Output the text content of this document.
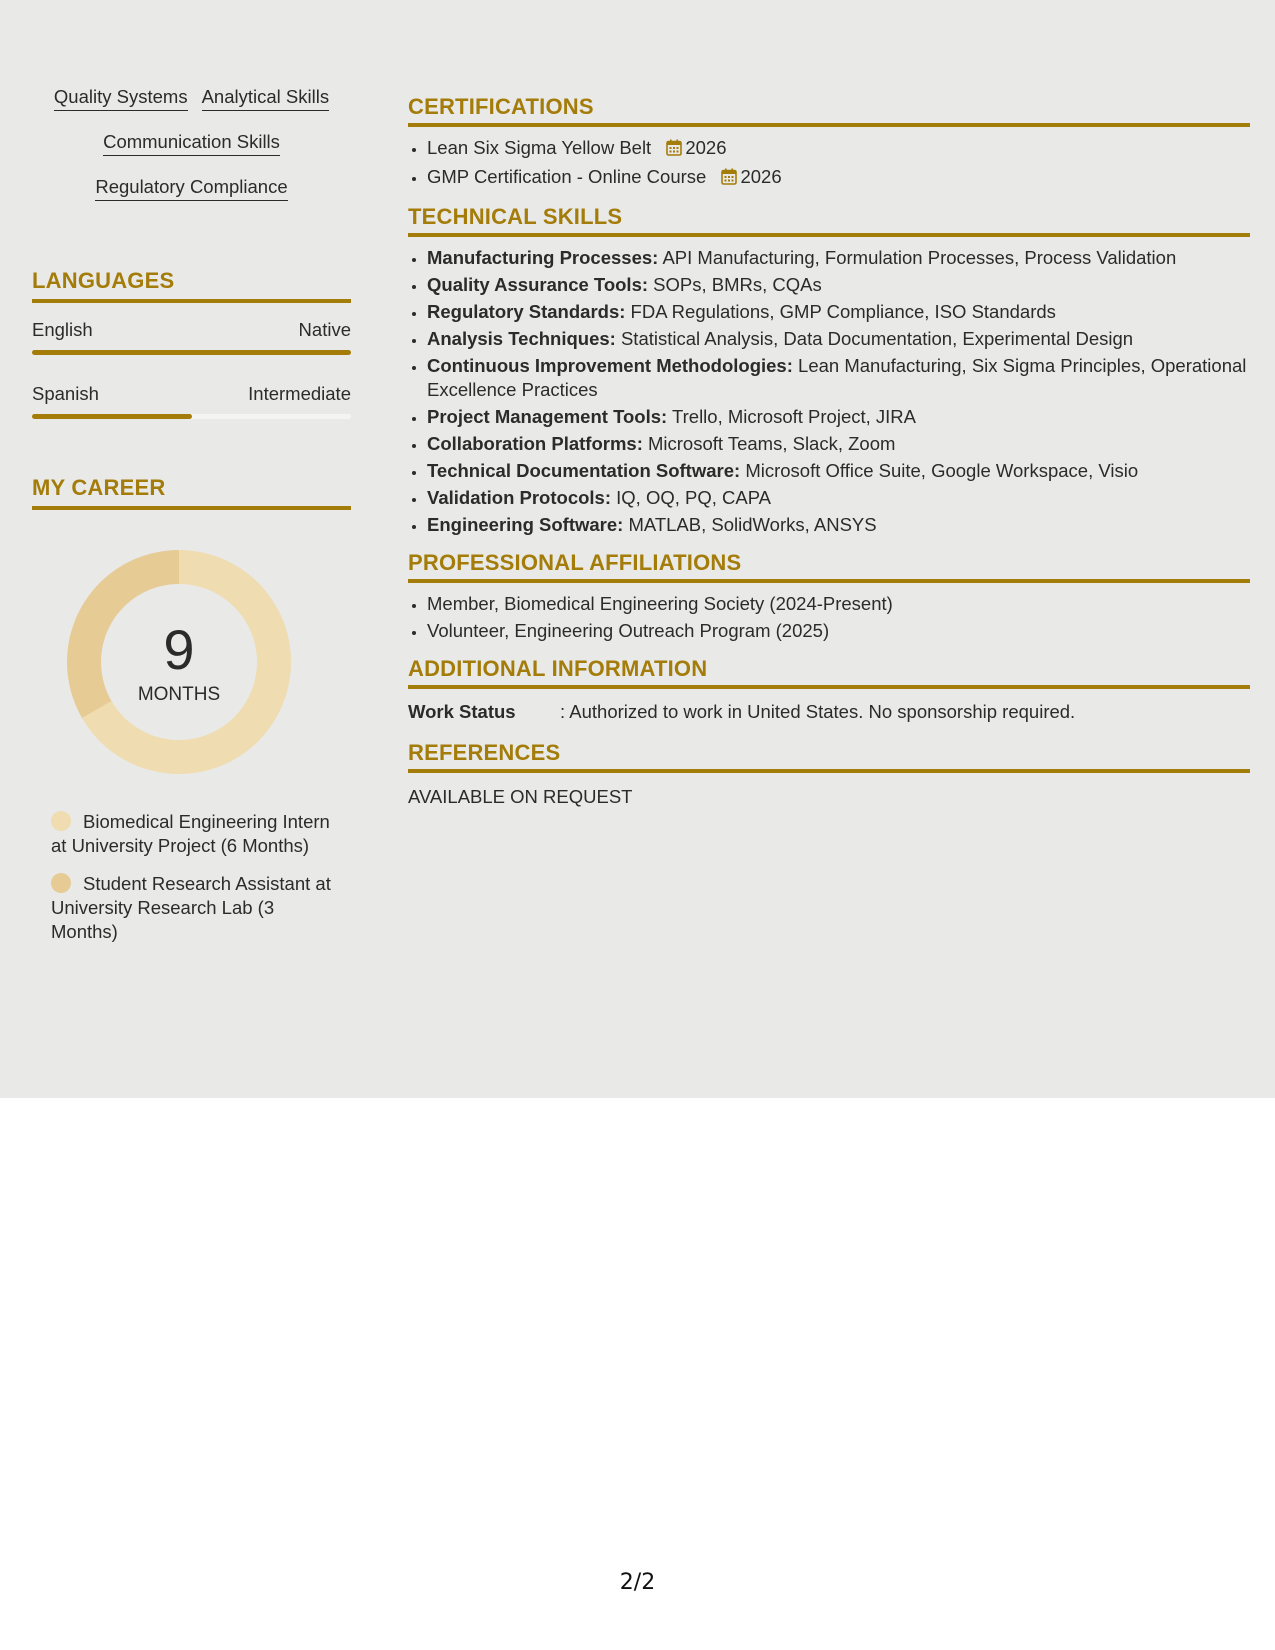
Quality Systems Analytical Skills
Communication Skills
Regulatory Compliance
LANGUAGES
English	Native
Spanish	Intermediate
MY CAREER
9
MONTHS
Biomedical Engineering Intern at University Project (6 Months)
Student Research Assistant at University Research Lab (3 Months)
CERTIFICATIONS
• Lean Six Sigma Yellow Belt 2026
• GMP Certification - Online Course 2026
TECHNICAL SKILLS
• Manufacturing Processes: API Manufacturing, Formulation Processes, Process Validation
• Quality Assurance Tools: SOPs, BMRs, CQAs
• Regulatory Standards: FDA Regulations, GMP Compliance, ISO Standards
• Analysis Techniques: Statistical Analysis, Data Documentation, Experimental Design
• Continuous Improvement Methodologies: Lean Manufacturing, Six Sigma Principles, Operational Excellence Practices
• Project Management Tools: Trello, Microsoft Project, JIRA
• Collaboration Platforms: Microsoft Teams, Slack, Zoom
• Technical Documentation Software: Microsoft Office Suite, Google Workspace, Visio
• Validation Protocols: IQ, OQ, PQ, CAPA
• Engineering Software: MATLAB, SolidWorks, ANSYS
PROFESSIONAL AFFILIATIONS
• Member, Biomedical Engineering Society (2024-Present)
• Volunteer, Engineering Outreach Program (2025)
ADDITIONAL INFORMATION
Work Status	: Authorized to work in United States. No sponsorship required.
REFERENCES
AVAILABLE ON REQUEST
2/2
